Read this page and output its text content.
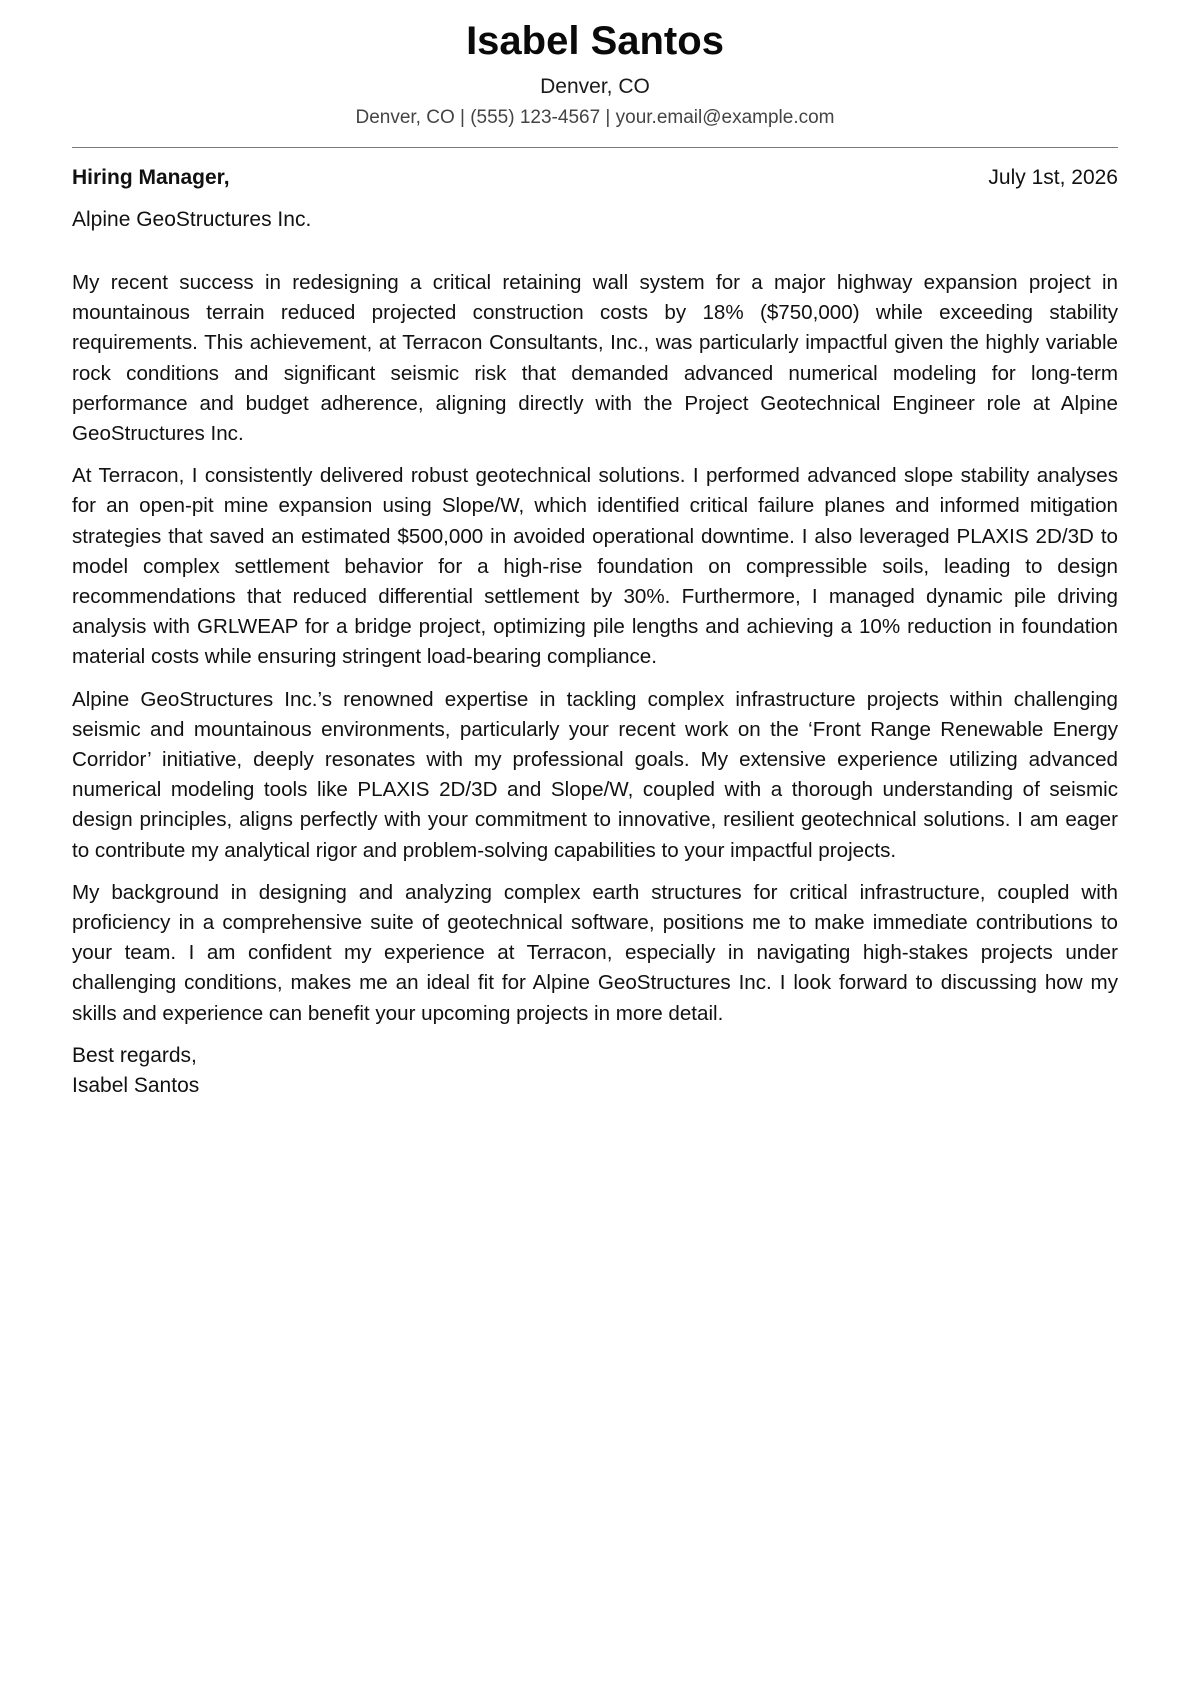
Isabel Santos
Denver, CO
Denver, CO | (555) 123-4567 | your.email@example.com
Hiring Manager,	July 1st, 2026
Alpine GeoStructures Inc.

My recent success in redesigning a critical retaining wall system for a major highway expansion project in mountainous terrain reduced projected construction costs by 18% ($750,000) while exceeding stability requirements. This achievement, at Terracon Consultants, Inc., was particularly impactful given the highly variable rock conditions and significant seismic risk that demanded advanced numerical modeling for long-term performance and budget adherence, aligning directly with the Project Geotechnical Engineer role at Alpine GeoStructures Inc.

At Terracon, I consistently delivered robust geotechnical solutions. I performed advanced slope stability analyses for an open-pit mine expansion using Slope/W, which identified critical failure planes and informed mitigation strategies that saved an estimated $500,000 in avoided operational downtime. I also leveraged PLAXIS 2D/3D to model complex settlement behavior for a high-rise foundation on compressible soils, leading to design recommendations that reduced differential settlement by 30%. Furthermore, I managed dynamic pile driving analysis with GRLWEAP for a bridge project, optimizing pile lengths and achieving a 10% reduction in foundation material costs while ensuring stringent load-bearing compliance.

Alpine GeoStructures Inc.’s renowned expertise in tackling complex infrastructure projects within challenging seismic and mountainous environments, particularly your recent work on the ‘Front Range Renewable Energy Corridor’ initiative, deeply resonates with my professional goals. My extensive experience utilizing advanced numerical modeling tools like PLAXIS 2D/3D and Slope/W, coupled with a thorough understanding of seismic design principles, aligns perfectly with your commitment to innovative, resilient geotechnical solutions. I am eager to contribute my analytical rigor and problem-solving capabilities to your impactful projects.

My background in designing and analyzing complex earth structures for critical infrastructure, coupled with proficiency in a comprehensive suite of geotechnical software, positions me to make immediate contributions to your team. I am confident my experience at Terracon, especially in navigating high-stakes projects under challenging conditions, makes me an ideal fit for Alpine GeoStructures Inc. I look forward to discussing how my skills and experience can benefit your upcoming projects in more detail.

Best regards,
Isabel Santos
